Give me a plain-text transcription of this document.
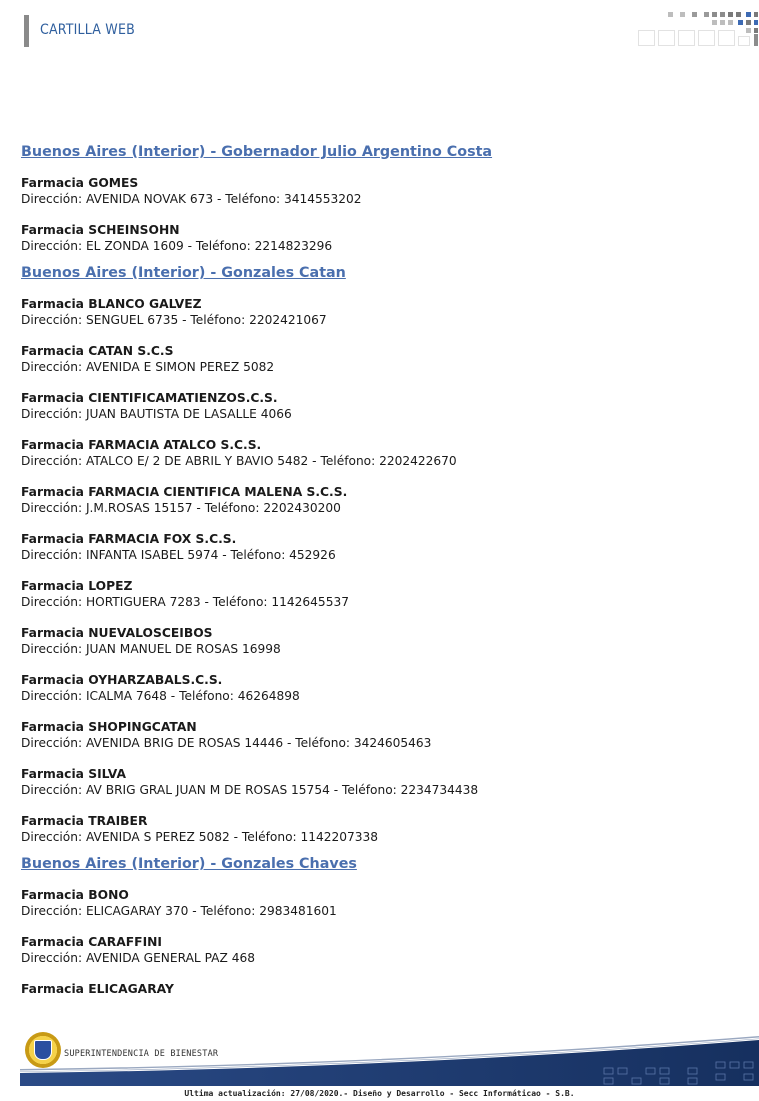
CARTILLA WEB
Buenos Aires (Interior) - Gobernador Julio Argentino Costa
Farmacia GOMES
Dirección: AVENIDA NOVAK 673 - Teléfono: 3414553202
Farmacia SCHEINSOHN
Dirección: EL ZONDA 1609 - Teléfono: 2214823296
Buenos Aires (Interior) - Gonzales Catan
Farmacia BLANCO GALVEZ
Dirección: SENGUEL 6735 - Teléfono: 2202421067
Farmacia CATAN S.C.S
Dirección: AVENIDA E SIMON PEREZ 5082
Farmacia CIENTIFICAMATIENZOS.C.S.
Dirección: JUAN BAUTISTA DE LASALLE 4066
Farmacia FARMACIA ATALCO S.C.S.
Dirección: ATALCO E/ 2 DE ABRIL Y BAVIO 5482 - Teléfono: 2202422670
Farmacia FARMACIA CIENTIFICA MALENA S.C.S.
Dirección: J.M.ROSAS 15157 - Teléfono: 2202430200
Farmacia FARMACIA FOX S.C.S.
Dirección: INFANTA ISABEL 5974 - Teléfono: 452926
Farmacia LOPEZ
Dirección: HORTIGUERA 7283 - Teléfono: 1142645537
Farmacia NUEVALOSCEIBOS
Dirección: JUAN MANUEL DE ROSAS 16998
Farmacia OYHARZABALS.C.S.
Dirección: ICALMA 7648 - Teléfono: 46264898
Farmacia SHOPINGCATAN
Dirección: AVENIDA BRIG DE ROSAS 14446 - Teléfono: 3424605463
Farmacia SILVA
Dirección: AV BRIG GRAL JUAN M DE ROSAS 15754 - Teléfono: 2234734438
Farmacia TRAIBER
Dirección: AVENIDA S PEREZ 5082 - Teléfono: 1142207338
Buenos Aires (Interior) - Gonzales Chaves
Farmacia BONO
Dirección: ELICAGARAY 370 - Teléfono: 2983481601
Farmacia CARAFFINI
Dirección: AVENIDA GENERAL PAZ 468
Farmacia ELICAGARAY
SUPERINTENDENCIA DE BIENESTAR
Ultima actualización: 27/08/2020.- Diseño y Desarrollo - Secc Informáticao - S.B.
